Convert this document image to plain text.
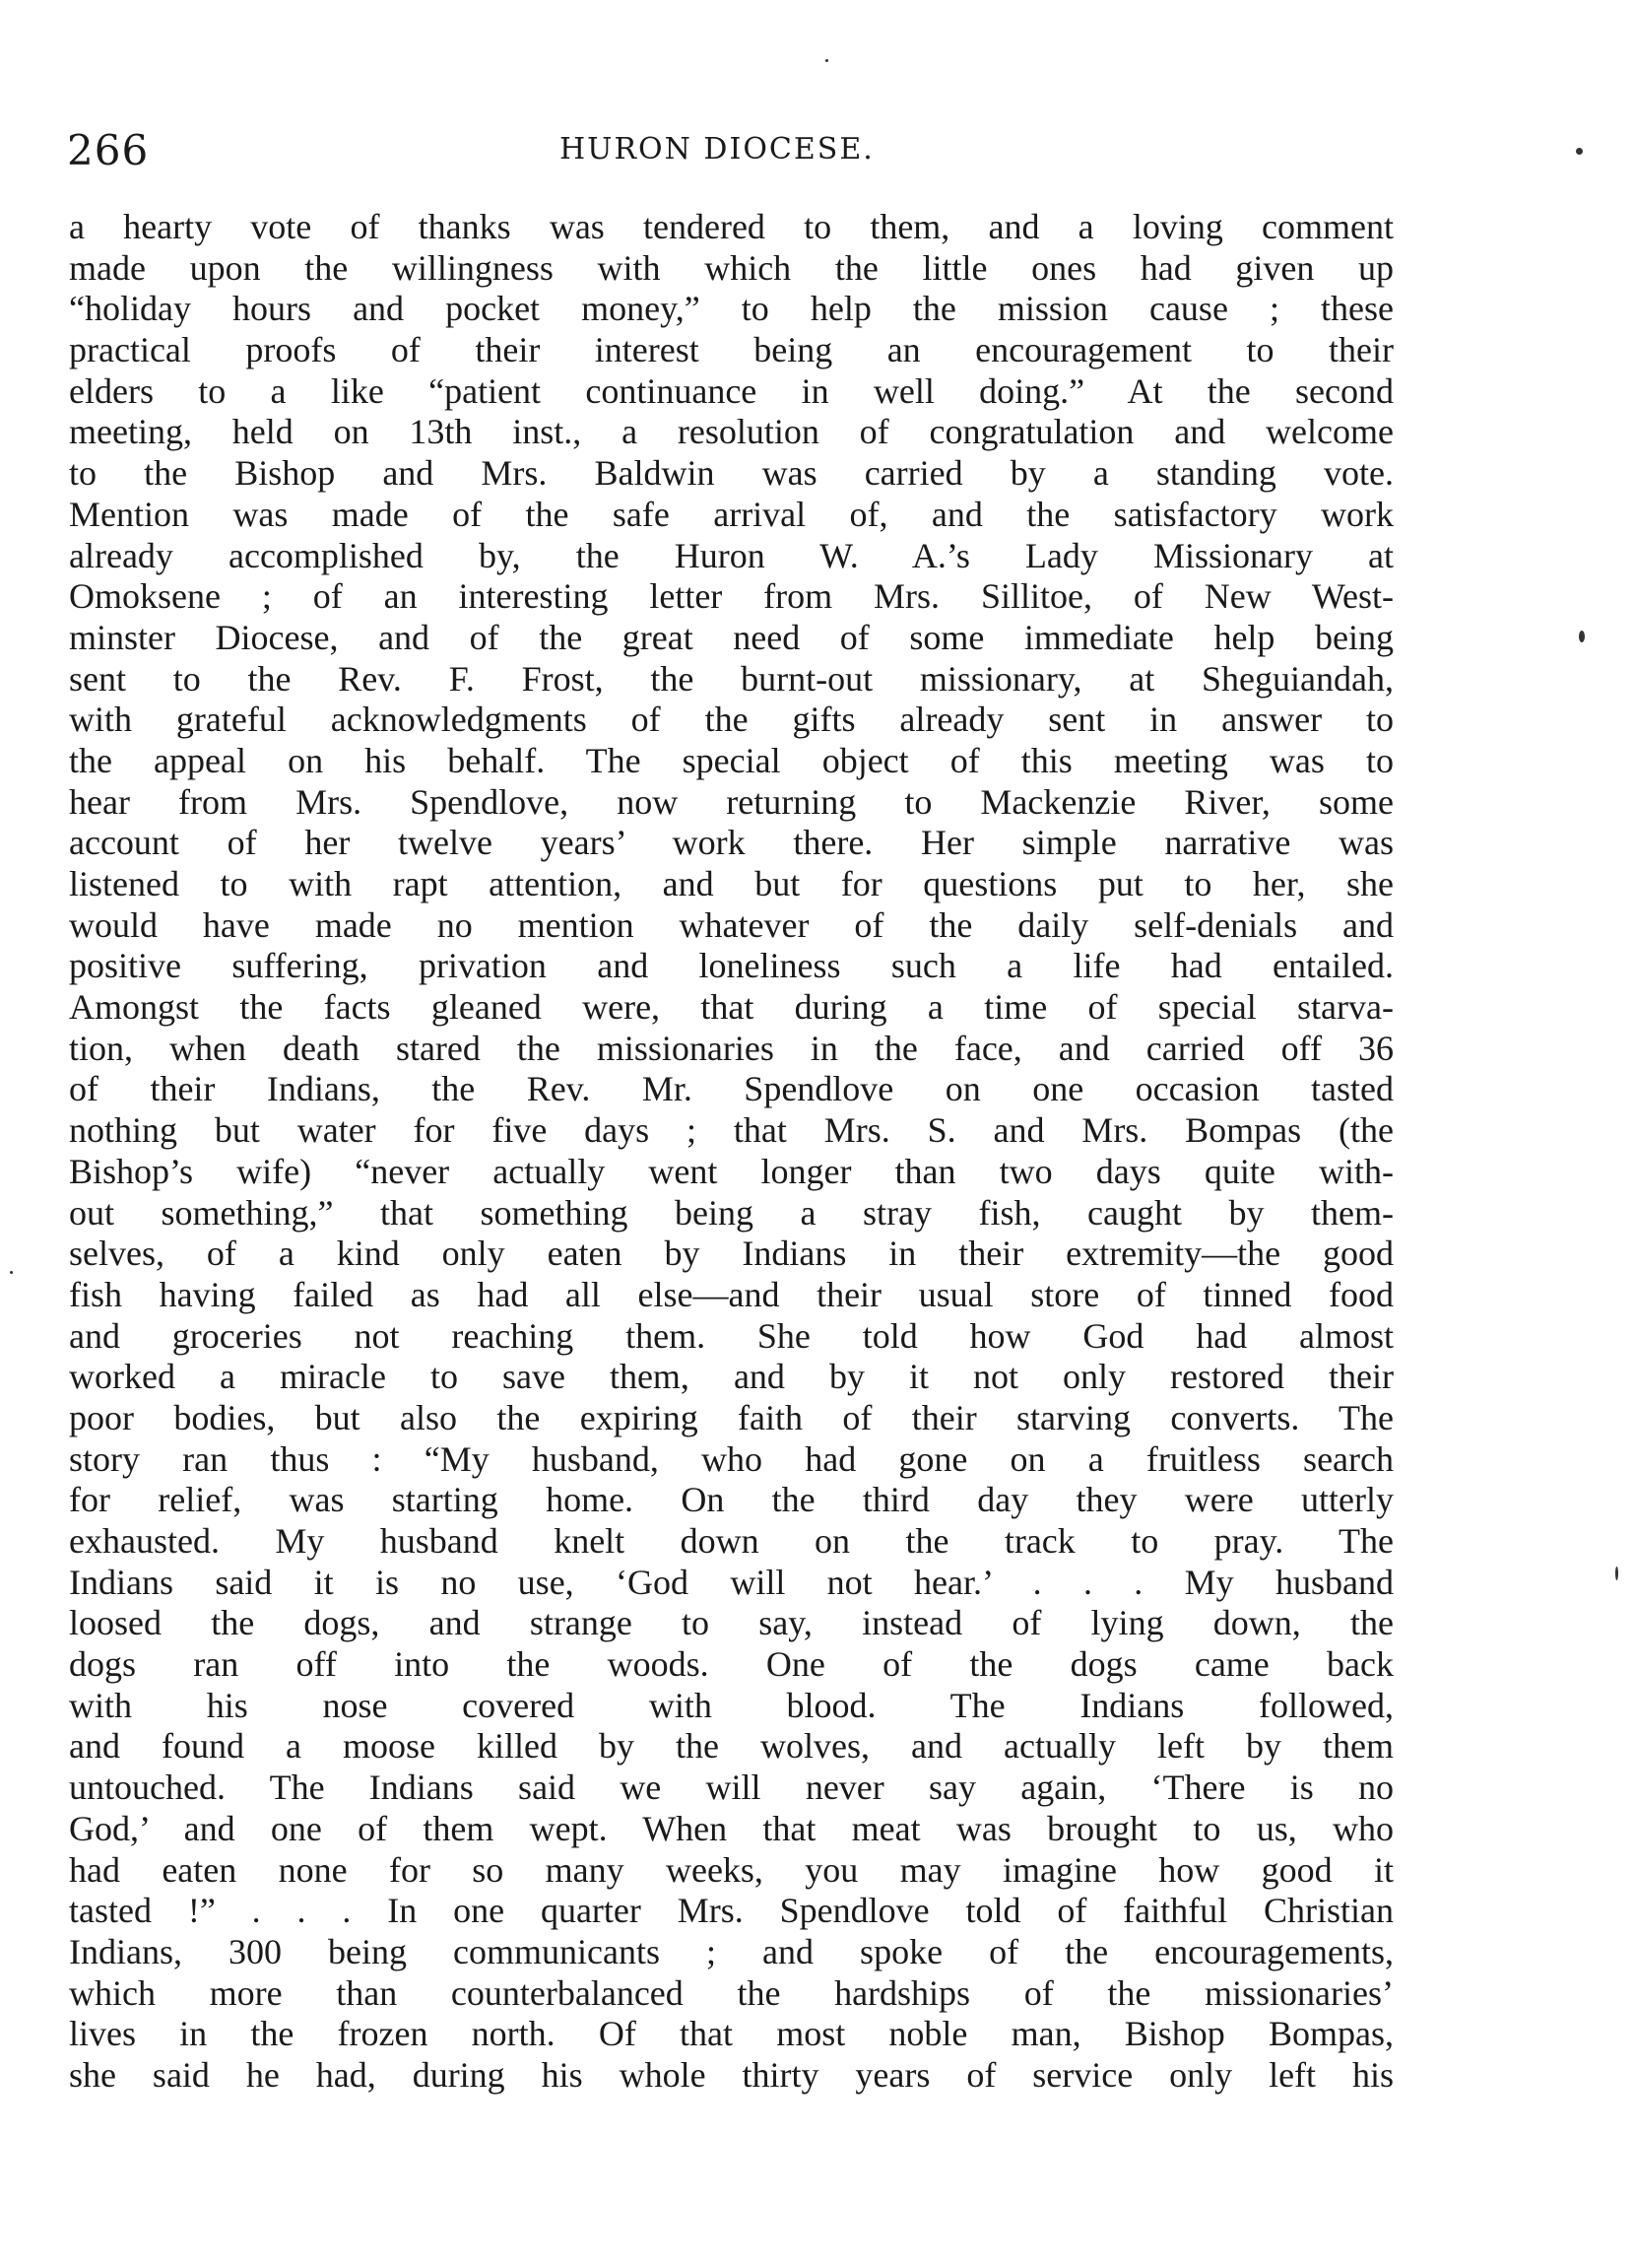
266	HURON DIOCESE.
a hearty vote of thanks was tendered to them, and a loving comment
made upon the willingness with which the little ones had given up
“holiday hours and pocket money,” to help the mission cause ; these
practical proofs of their interest being an encouragement to their
elders to a like “patient continuance in well doing.” At the second
meeting, held on 13th inst., a resolution of congratulation and welcome
to the Bishop and Mrs. Baldwin was carried by a standing vote.
Mention was made of the safe arrival of, and the satisfactory work
already accomplished by, the Huron W. A.’s Lady Missionary at
Omoksene ; of an interesting letter from Mrs. Sillitoe, of New West-
minster Diocese, and of the great need of some immediate help being
sent to the Rev. F. Frost, the burnt-out missionary, at Sheguiandah,
with grateful acknowledgments of the gifts already sent in answer to
the appeal on his behalf. The special object of this meeting was to
hear from Mrs. Spendlove, now returning to Mackenzie River, some
account of her twelve years’ work there. Her simple narrative was
listened to with rapt attention, and but for questions put to her, she
would have made no mention whatever of the daily self-denials and
positive suffering, privation and loneliness such a life had entailed.
Amongst the facts gleaned were, that during a time of special starva-
tion, when death stared the missionaries in the face, and carried off 36
of their Indians, the Rev. Mr. Spendlove on one occasion tasted
nothing but water for five days ; that Mrs. S. and Mrs. Bompas (the
Bishop’s wife) “never actually went longer than two days quite with-
out something,” that something being a stray fish, caught by them-
selves, of a kind only eaten by Indians in their extremity—the good
fish having failed as had all else—and their usual store of tinned food
and groceries not reaching them. She told how God had almost
worked a miracle to save them, and by it not only restored their
poor bodies, but also the expiring faith of their starving converts. The
story ran thus : “My husband, who had gone on a fruitless search
for relief, was starting home. On the third day they were utterly
exhausted. My husband knelt down on the track to pray. The
Indians said it is no use, ‘God will not hear.’ . . . My husband
loosed the dogs, and strange to say, instead of lying down, the
dogs ran off into the woods. One of the dogs came back
with his nose covered with blood. The Indians followed,
and found a moose killed by the wolves, and actually left by them
untouched. The Indians said we will never say again, ‘There is no
God,’ and one of them wept. When that meat was brought to us, who
had eaten none for so many weeks, you may imagine how good it
tasted !” . . . In one quarter Mrs. Spendlove told of faithful Christian
Indians, 300 being communicants ; and spoke of the encouragements,
which more than counterbalanced the hardships of the missionaries’
lives in the frozen north. Of that most noble man, Bishop Bompas,
she said he had, during his whole thirty years of service only left his
